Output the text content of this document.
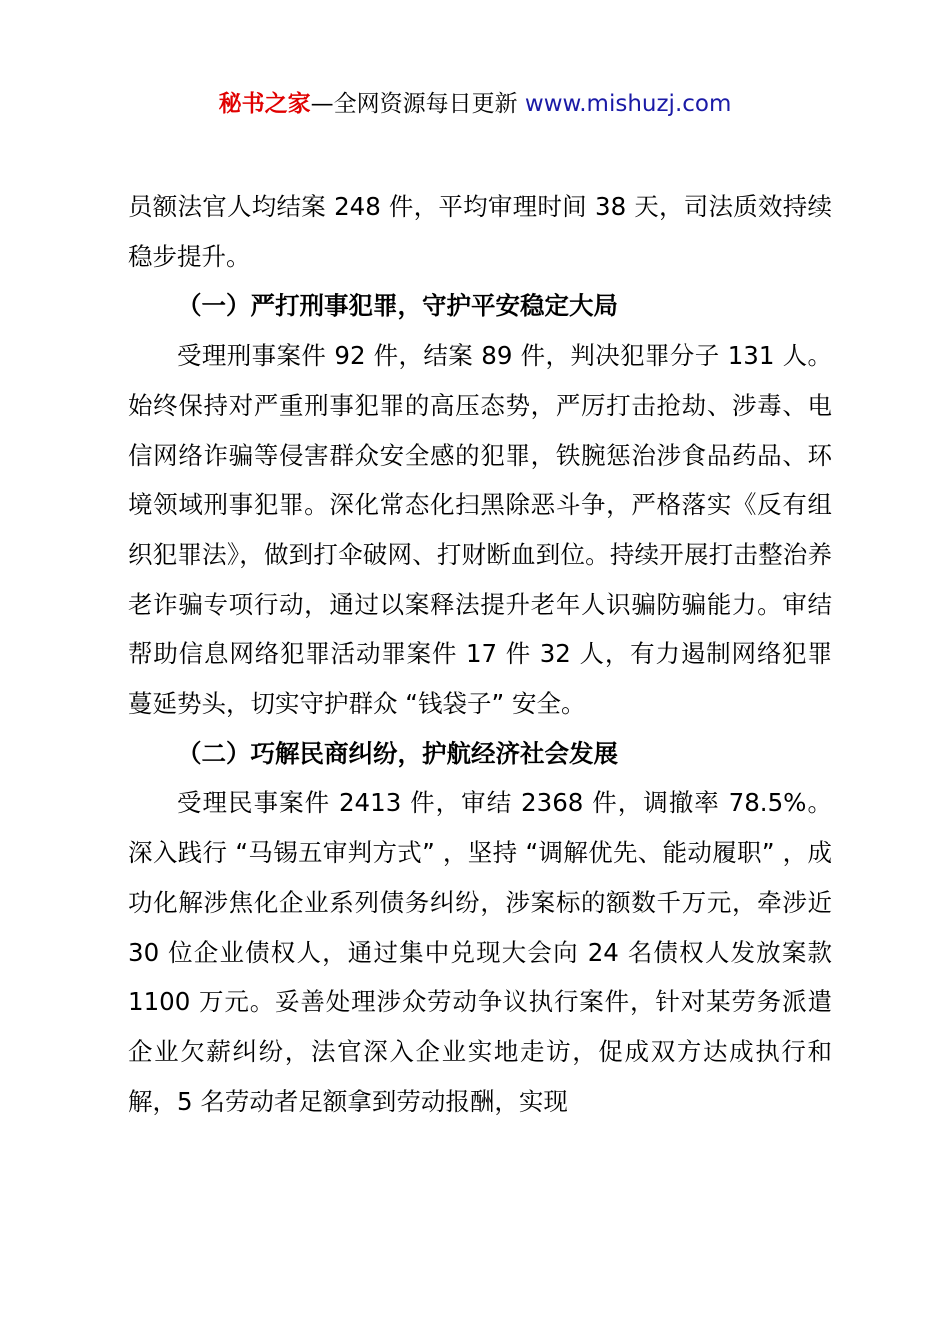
秘书之家—全网资源每日更新 www.mishuzj.com

员额法官人均结案 248 件，平均审理时间 38 天，司法质效持续稳步提升。

（一）严打刑事犯罪，守护平安稳定大局

受理刑事案件 92 件，结案 89 件，判决犯罪分子 131 人。始终保持对严重刑事犯罪的高压态势，严厉打击抢劫、涉毒、电信网络诈骗等侵害群众安全感的犯罪，铁腕惩治涉食品药品、环境领域刑事犯罪。深化常态化扫黑除恶斗争，严格落实《反有组织犯罪法》，做到打伞破网、打财断血到位。持续开展打击整治养老诈骗专项行动，通过以案释法提升老年人识骗防骗能力。审结帮助信息网络犯罪活动罪案件 17 件 32 人，有力遏制网络犯罪蔓延势头，切实守护群众 “钱袋子” 安全。

（二）巧解民商纠纷，护航经济社会发展

受理民事案件 2413 件，审结 2368 件，调撤率 78.5%。深入践行 “马锡五审判方式” ，坚持 “调解优先、能动履职” ，成功化解涉焦化企业系列债务纠纷，涉案标的额数千万元，牵涉近 30 位企业债权人，通过集中兑现大会向 24 名债权人发放案款 1100 万元。妥善处理涉众劳动争议执行案件，针对某劳务派遣企业欠薪纠纷，法官深入企业实地走访，促成双方达成执行和解，5 名劳动者足额拿到劳动报酬，实现
